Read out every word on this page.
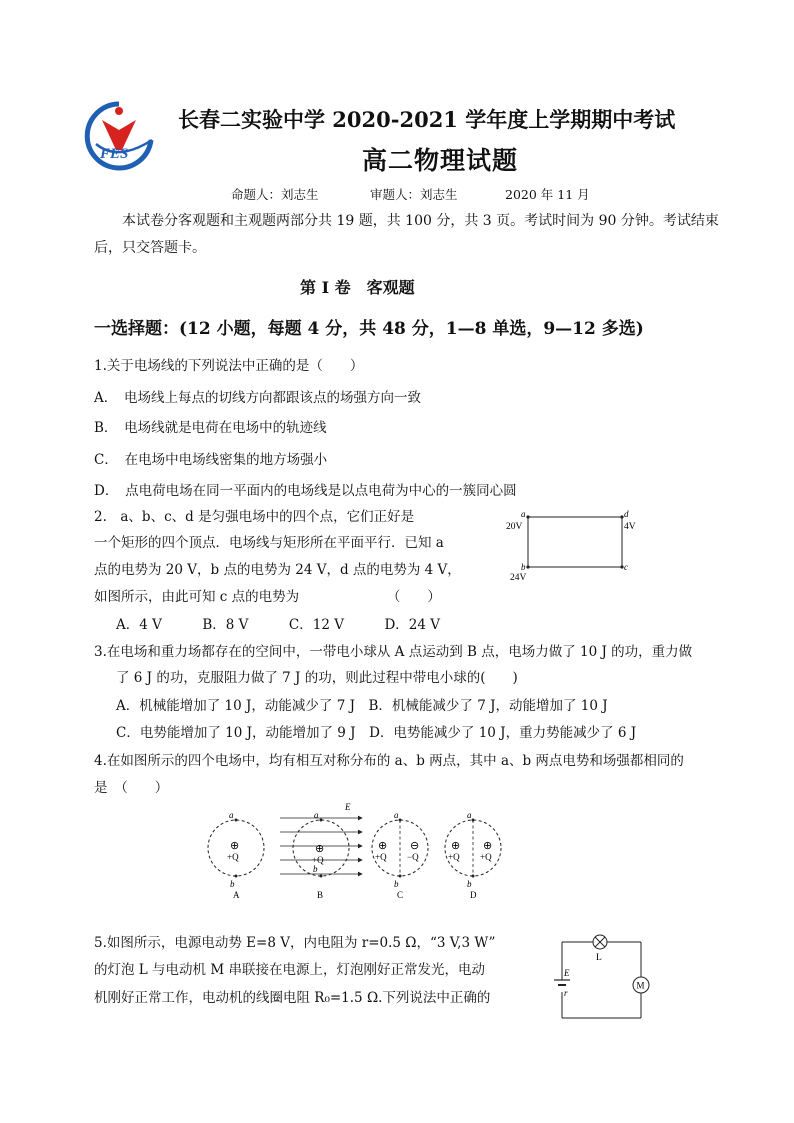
FES
长春二实验中学 2020-2021 学年度上学期期中考试
高二物理试题
命题人：刘志生	审题人：刘志生	2020 年 11 月
本试卷分客观题和主观题两部分共 19 题，共 100 分，共 3 页。考试时间为 90 分钟。考试结束
后，只交答题卡。
第 Ⅰ 卷　客观题
一选择题：(12 小题，每题 4 分，共 48 分，1—8 单选，9—12 多选)
1.关于电场线的下列说法中正确的是（　　）
A．　电场线上每点的切线方向都跟该点的场强方向一致
B．　电场线就是电荷在电场中的轨迹线
C．　在电场中电场线密集的地方场强小
D．　点电荷电场在同一平面内的电场线是以点电荷为中心的一簇同心圆
2.　a、b、c、d 是匀强电场中的四个点，它们正好是
一个矩形的四个顶点．电场线与矩形所在平面平行．已知 a
点的电势为 20 V，b 点的电势为 24 V，d 点的电势为 4 V，
如图所示，由此可知 c 点的电势为　　　　　　　（　　）
A．4 V　　　B．8 V　　　C．12 V　　　D．24 V
a	d
b	c
20V	4V
24V
3.在电场和重力场都存在的空间中，一带电小球从 A 点运动到 B 点，电场力做了 10 J 的功，重力做
了 6 J 的功，克服阻力做了 7 J 的功，则此过程中带电小球的(　　)
A．机械能增加了 10 J，动能减少了 7 J　B．机械能减少了 7 J，动能增加了 10 J
C．电势能增加了 10 J，动能增加了 9 J　D．电势能减少了 10 J，重力势能减少了 6 J
4.在如图所示的四个电场中，均有相互对称分布的 a、b 两点，其中 a、b 两点电势和场强都相同的
是　（　　）
a
b
⊕
+Q
A
E
a
b
⊕
+Q
B
a
b
⊕
+Q
⊖
−Q
C
a
b
⊕
+Q
⊕
+Q
D
5.如图所示，电源电动势 E=8 V，内电阻为 r=0.5 Ω，“3 V,3 W”
的灯泡 L 与电动机 M 串联接在电源上，灯泡刚好正常发光，电动
机刚好正常工作，电动机的线圈电阻 R₀=1.5 Ω.下列说法中正确的
L
E
r
M
